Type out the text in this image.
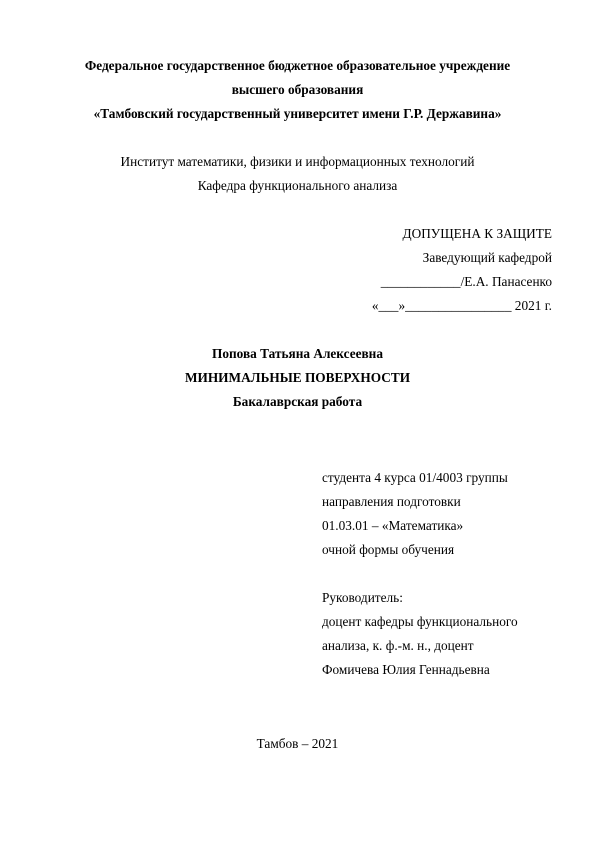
Федеральное государственное бюджетное образовательное учреждение
высшего образования
«Тамбовский государственный университет имени Г.Р. Державина»
Институт математики, физики и информационных технологий
Кафедра функционального анализа
ДОПУЩЕНА К ЗАЩИТЕ
Заведующий кафедрой
____________/Е.А. Панасенко
«___»________________ 2021 г.
Попова Татьяна Алексеевна
МИНИМАЛЬНЫЕ ПОВЕРХНОСТИ
Бакалаврская работа
студента 4 курса 01/4003 группы
направления подготовки
01.03.01 – «Математика»
очной формы обучения
Руководитель:
доцент кафедры функционального
анализа, к. ф.-м. н., доцент
Фомичева Юлия Геннадьевна
Тамбов – 2021
